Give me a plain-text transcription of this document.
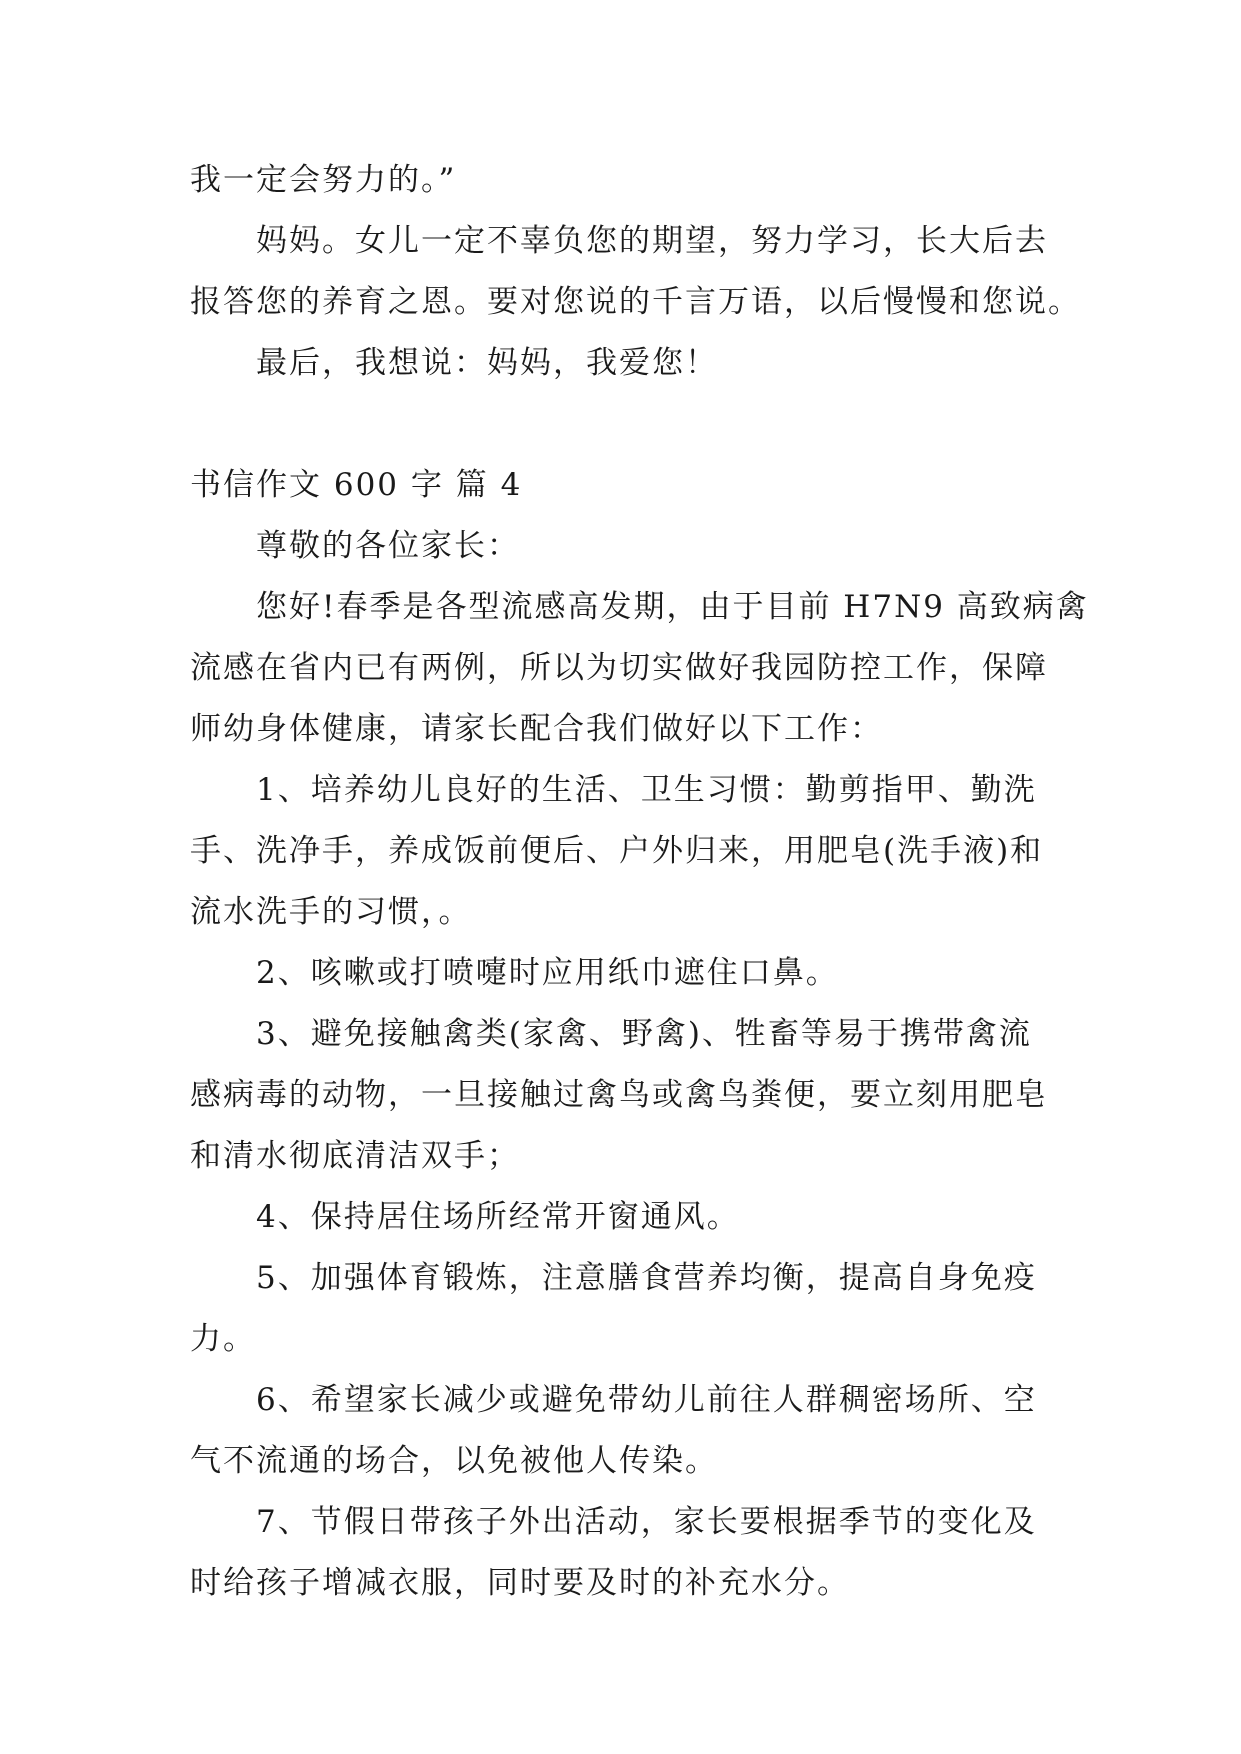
我一定会努力的。”
妈妈。女儿一定不辜负您的期望，努力学习，长大后去
报答您的养育之恩。要对您说的千言万语，以后慢慢和您说。
最后，我想说：妈妈，我爱您！
书信作文 600 字 篇 4
尊敬的各位家长：
您好!春季是各型流感高发期，由于目前 H7N9 高致病禽
流感在省内已有两例，所以为切实做好我园防控工作，保障
师幼身体健康，请家长配合我们做好以下工作：
1、培养幼儿良好的生活、卫生习惯：勤剪指甲、勤洗
手、洗净手，养成饭前便后、户外归来，用肥皂(洗手液)和
流水洗手的习惯，。
2、咳嗽或打喷嚏时应用纸巾遮住口鼻。
3、避免接触禽类(家禽、野禽)、牲畜等易于携带禽流
感病毒的动物，一旦接触过禽鸟或禽鸟粪便，要立刻用肥皂
和清水彻底清洁双手；
4、保持居住场所经常开窗通风。
5、加强体育锻炼，注意膳食营养均衡，提高自身免疫
力。
6、希望家长减少或避免带幼儿前往人群稠密场所、空
气不流通的场合，以免被他人传染。
7、节假日带孩子外出活动，家长要根据季节的变化及
时给孩子增减衣服，同时要及时的补充水分。
